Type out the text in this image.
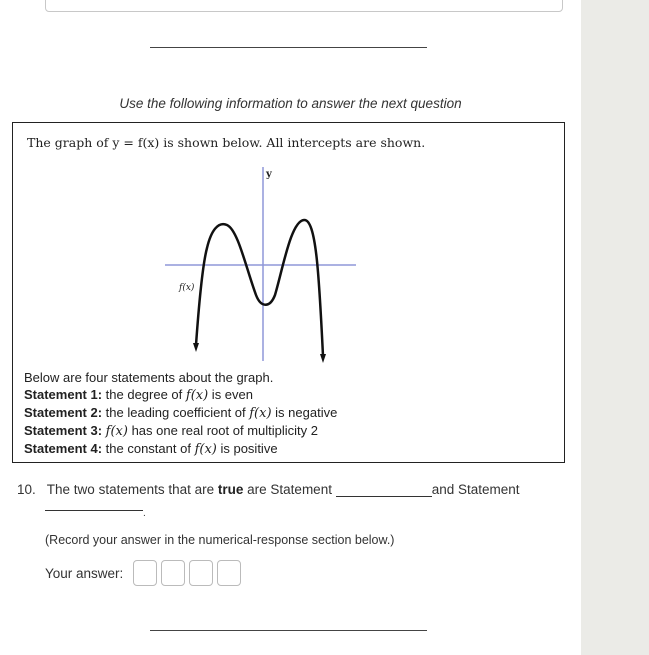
Use the following information to answer the next question
The graph of y = f(x) is shown below. All intercepts are shown.
y
f(x)
Below are four statements about the graph.
Statement 1: the degree of f(x) is even
Statement 2: the leading coefficient of f(x) is negative
Statement 3: f(x) has one real root of multiplicity 2
Statement 4: the constant of f(x) is positive
10. The two statements that are true are Statement	and Statement
.
(Record your answer in the numerical-response section below.)
Your answer:
